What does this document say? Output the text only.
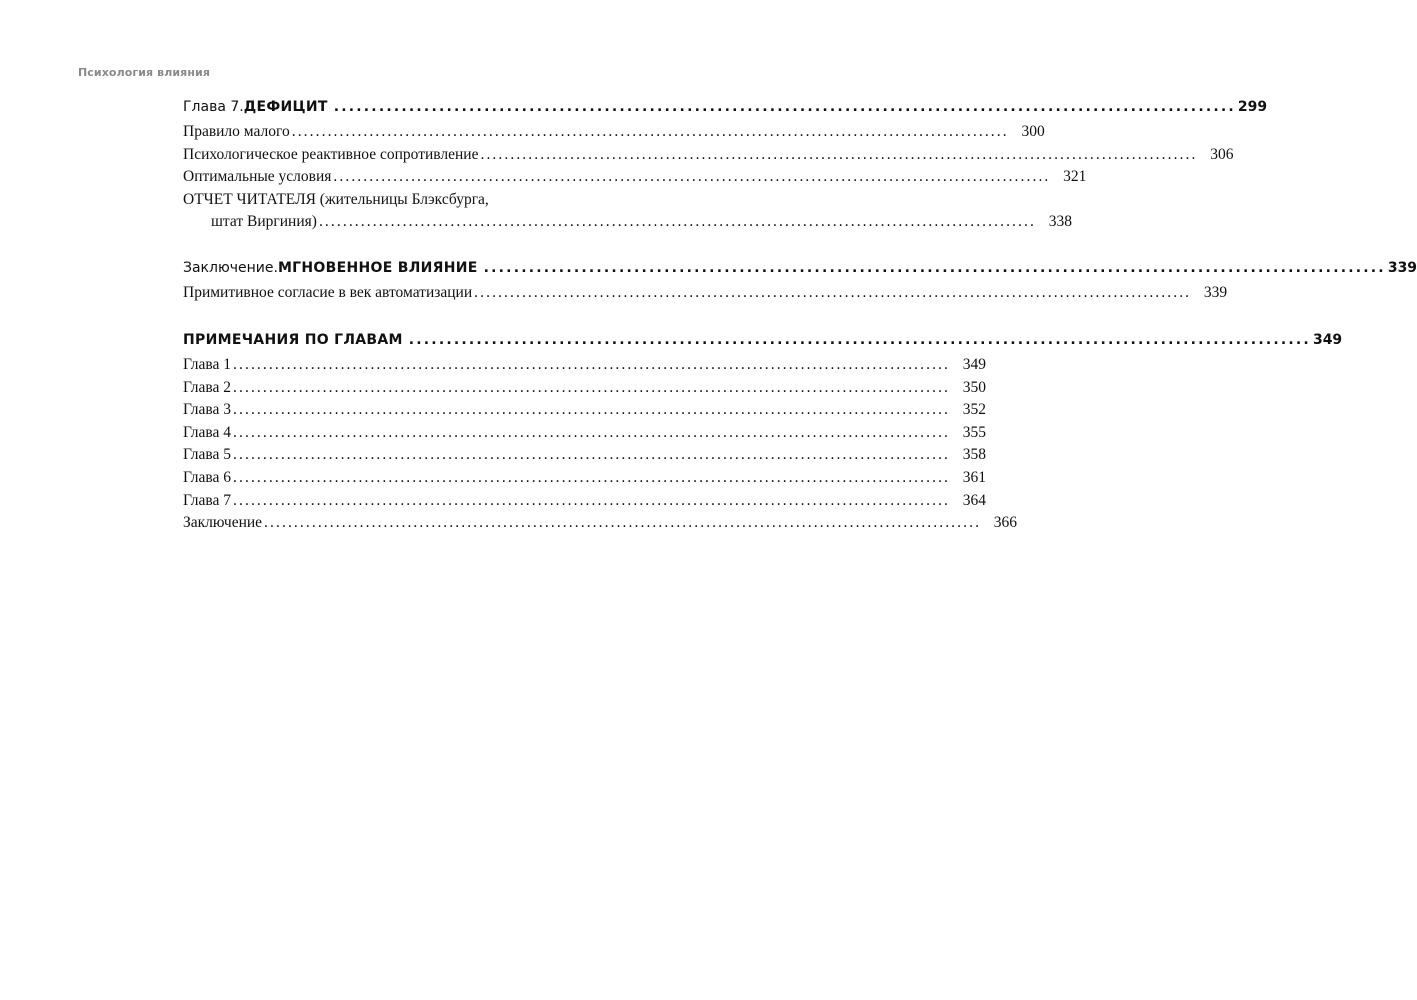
Психология влияния
Глава 7. ДЕФИЦИТ ........................................................................................................................ 299
Правило малого ........................................................................................................................ 300
Психологическое реактивное сопротивление ........................................................................................................................ 306
Оптимальные условия ........................................................................................................................ 321
ОТЧЕТ ЧИТАТЕЛЯ (жительницы Блэксбурга,
штат Виргиния) ........................................................................................................................ 338
Заключение. МГНОВЕННОЕ ВЛИЯНИЕ ........................................................................................................................ 339
Примитивное согласие в век автоматизации ........................................................................................................................ 339
ПРИМЕЧАНИЯ ПО ГЛАВАМ ........................................................................................................................ 349
Глава 1 ........................................................................................................................ 349
Глава 2 ........................................................................................................................ 350
Глава 3 ........................................................................................................................ 352
Глава 4 ........................................................................................................................ 355
Глава 5 ........................................................................................................................ 358
Глава 6 ........................................................................................................................ 361
Глава 7 ........................................................................................................................ 364
Заключение ........................................................................................................................ 366
